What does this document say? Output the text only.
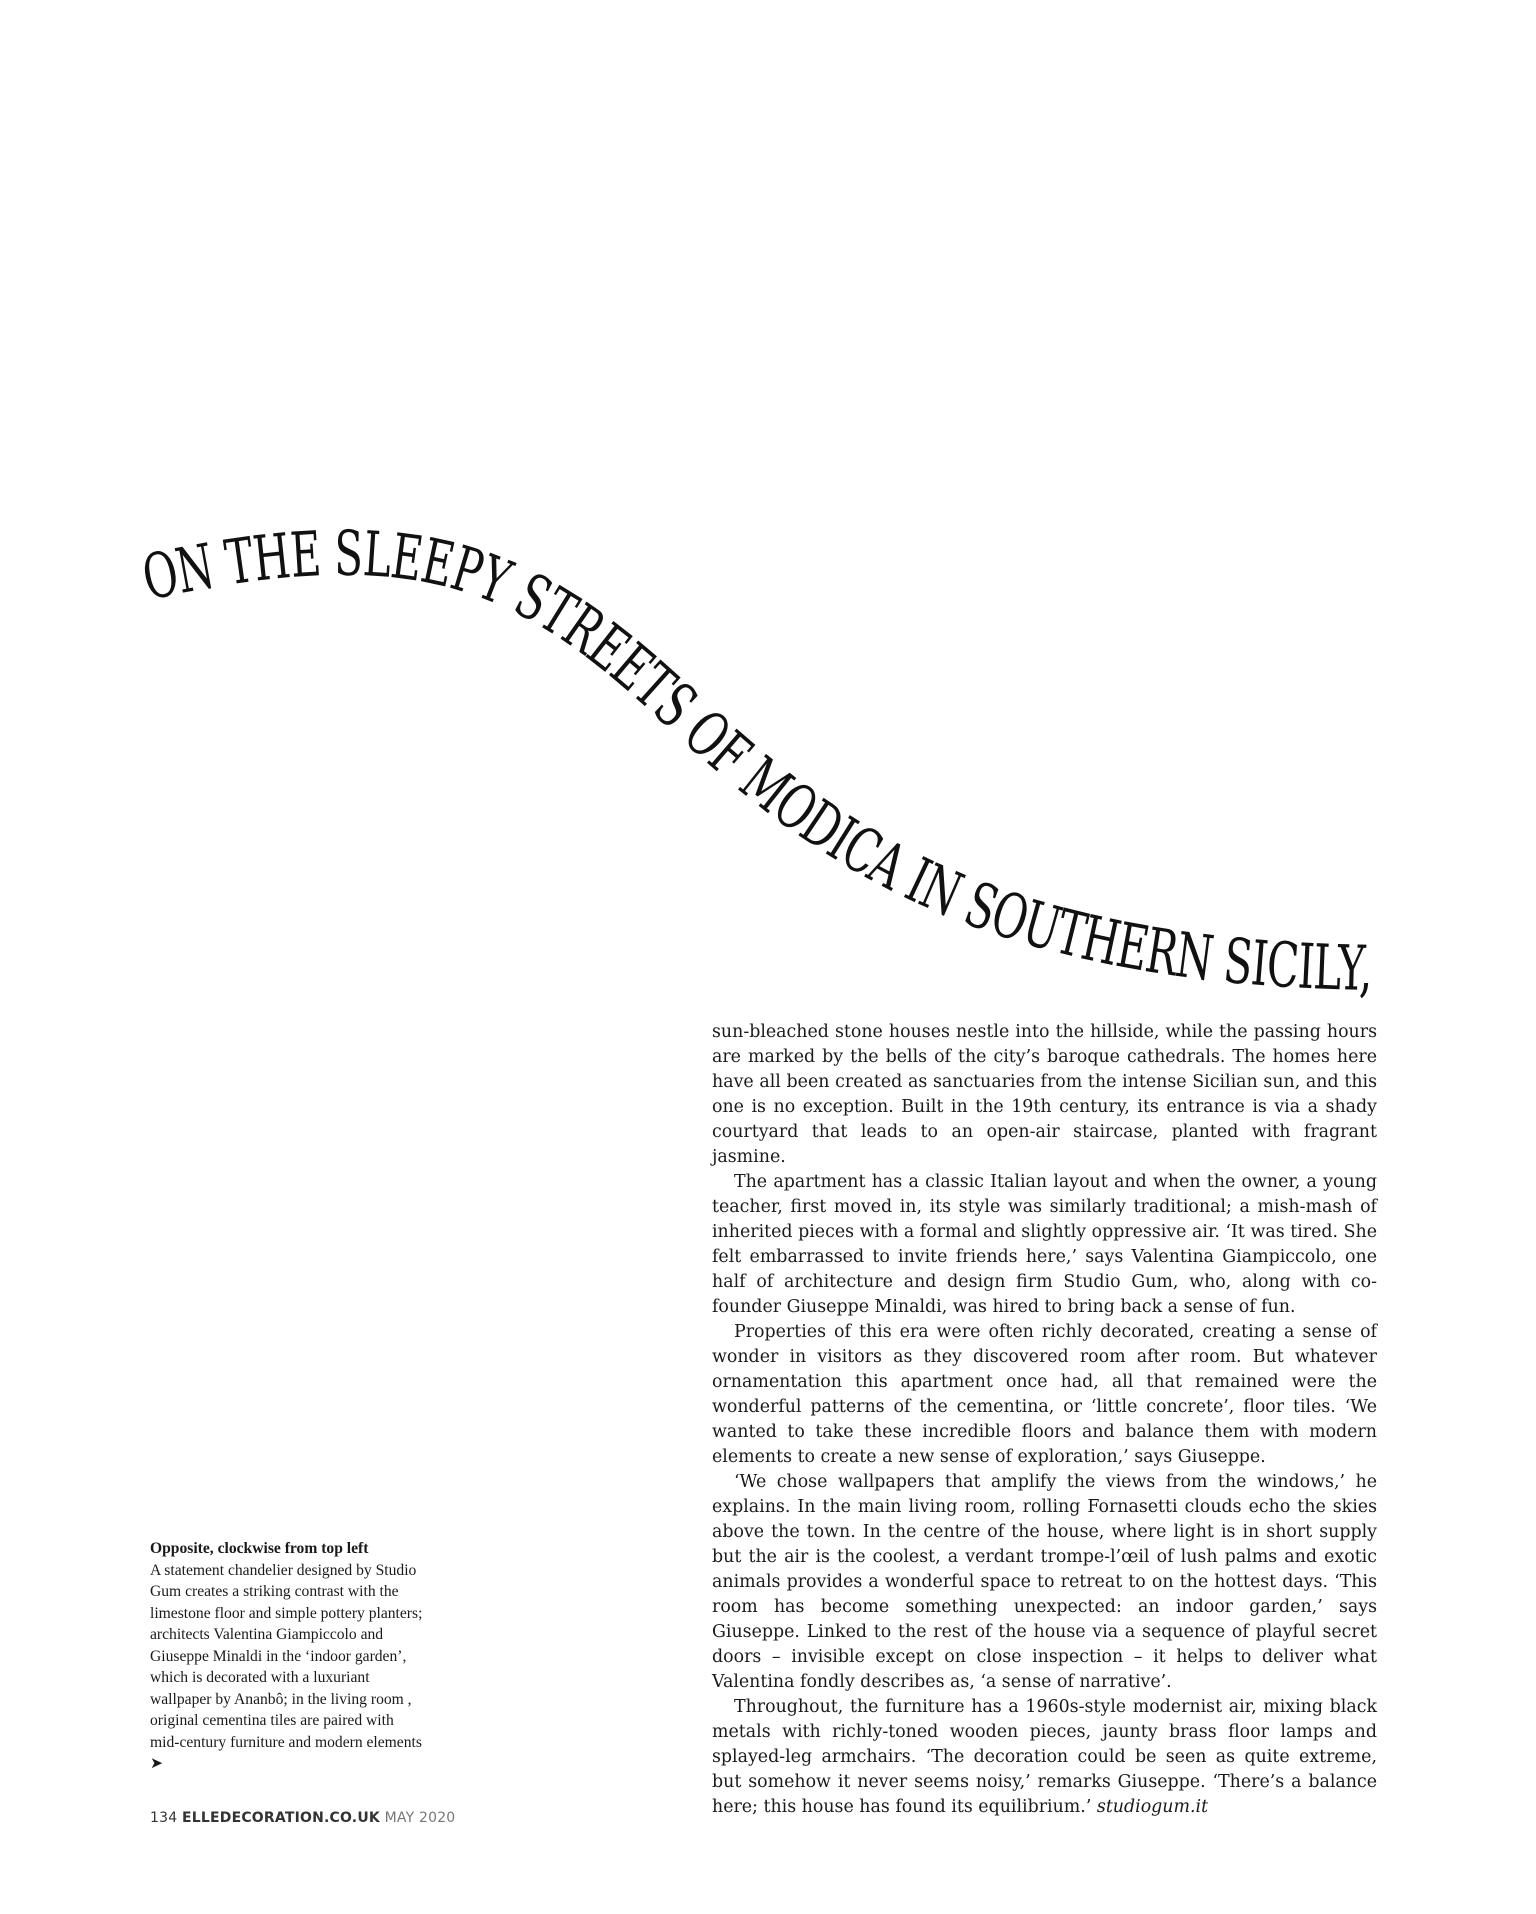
ON THE SLEEPY STREETS OF MODICA IN SOUTHERN SICILY,

sun-bleached stone houses nestle into the hillside, while the passing hours are marked by the bells of the city’s baroque cathedrals. The homes here have all been created as sanctuaries from the intense Sicilian sun, and this one is no exception. Built in the 19th century, its entrance is via a shady courtyard that leads to an open-air staircase, planted with fragrant jasmine.

The apartment has a classic Italian layout and when the owner, a young teacher, first moved in, its style was similarly traditional; a mish-mash of inherited pieces with a formal and slightly oppressive air. ‘It was tired. She felt embarrassed to invite friends here,’ says Valentina Giampiccolo, one half of architecture and design firm Studio Gum, who, along with co-founder Giuseppe Minaldi, was hired to bring back a sense of fun.

Properties of this era were often richly decorated, creating a sense of wonder in visitors as they discovered room after room. But whatever ornamentation this apartment once had, all that remained were the wonderful patterns of the cementina, or ‘little concrete’, floor tiles. ‘We wanted to take these incredible floors and balance them with modern elements to create a new sense of exploration,’ says Giuseppe.

‘We chose wallpapers that amplify the views from the windows,’ he explains. In the main living room, rolling Fornasetti clouds echo the skies above the town. In the centre of the house, where light is in short supply but the air is the coolest, a verdant trompe-l’œil of lush palms and exotic animals provides a wonderful space to retreat to on the hottest days. ‘This room has become something unexpected: an indoor garden,’ says Giuseppe. Linked to the rest of the house via a sequence of playful secret doors – invisible except on close inspection – it helps to deliver what Valentina fondly describes as, ‘a sense of narrative’.

Throughout, the furniture has a 1960s-style modernist air, mixing black metals with richly-toned wooden pieces, jaunty brass floor lamps and splayed-leg armchairs. ‘The decoration could be seen as quite extreme, but somehow it never seems noisy,’ remarks Giuseppe. ‘There’s a balance here; this house has found its equilibrium.’ studiogum.it

Opposite, clockwise from top left
A statement chandelier designed by Studio Gum creates a striking contrast with the limestone floor and simple pottery planters; architects Valentina Giampiccolo and Giuseppe Minaldi in the ‘indoor garden’, which is decorated with a luxuriant wallpaper by Ananbô; in the living room , original cementina tiles are paired with mid-century furniture and modern elements ➤
134 ELLEDECORATION.CO.UK MAY 2020
